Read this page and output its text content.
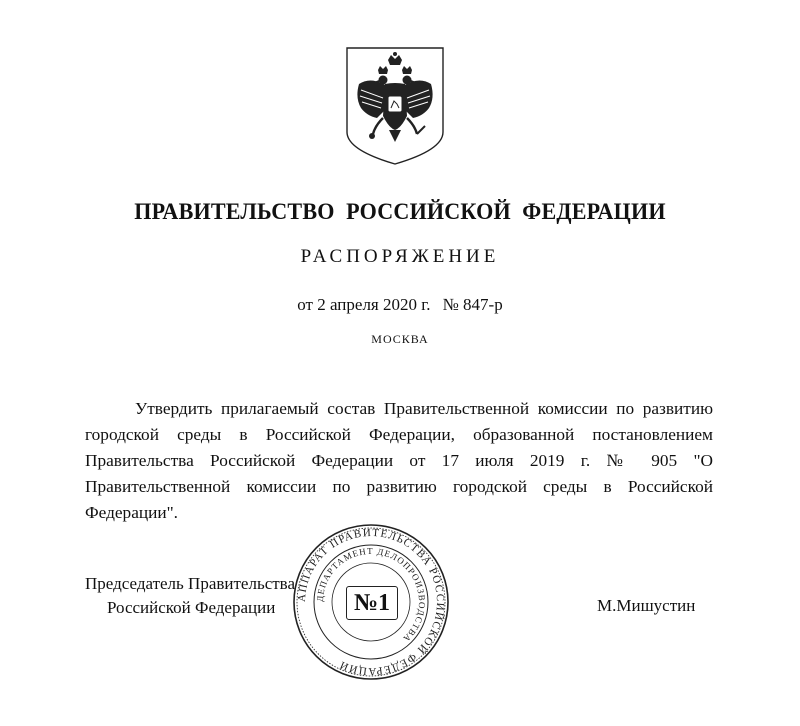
ПРАВИТЕЛЬСТВО РОССИЙСКОЙ ФЕДЕРАЦИИ
РАСПОРЯЖЕНИЕ
от 2 апреля 2020 г. № 847-р
МОСКВА

Утвердить прилагаемый состав Правительственной комиссии по развитию городской среды в Российской Федерации, образованной постановлением Правительства Российской Федерации от 17 июля 2019 г. № 905 "О Правительственной комиссии по развитию городской среды в Российской Федерации".

Председатель Правительства
Российской Федерации	М.Мишустин
АППАРАТ ПРАВИТЕЛЬСТВА РОССИЙСКОЙ ФЕДЕРАЦИИ
ДЕПАРТАМЕНТ ДЕЛОПРОИЗВОДСТВА
№1
